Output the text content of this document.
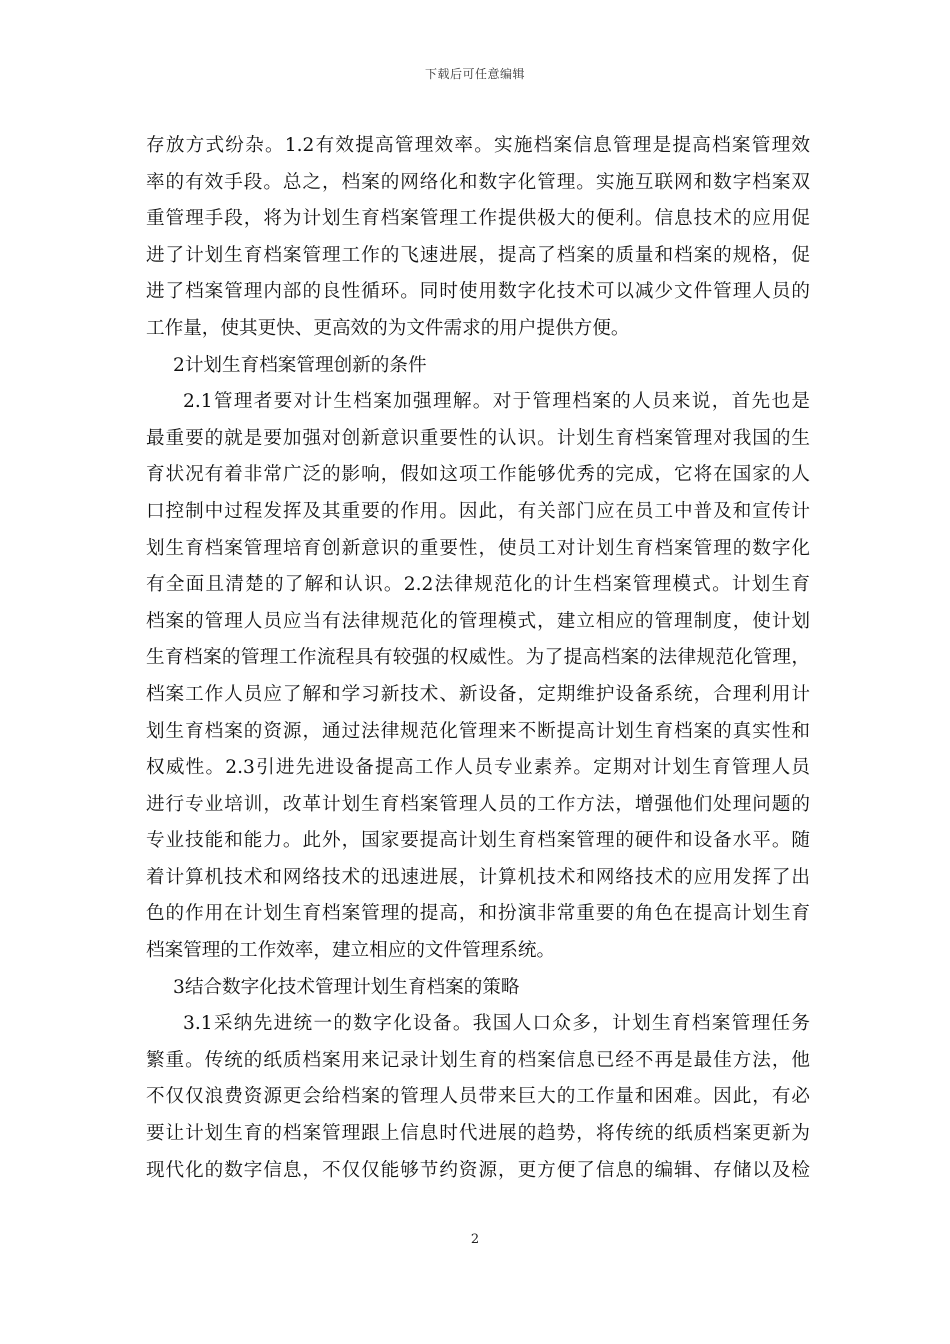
下载后可任意编辑
存放方式纷杂。1.2有效提高管理效率。实施档案信息管理是提高档案管理效
率的有效手段。总之，档案的网络化和数字化管理。实施互联网和数字档案双
重管理手段，将为计划生育档案管理工作提供极大的便利。信息技术的应用促
进了计划生育档案管理工作的飞速进展，提高了档案的质量和档案的规格，促
进了档案管理内部的良性循环。同时使用数字化技术可以减少文件管理人员的
工作量，使其更快、更高效的为文件需求的用户提供方便。
2计划生育档案管理创新的条件
2.1管理者要对计生档案加强理解。对于管理档案的人员来说，首先也是
最重要的就是要加强对创新意识重要性的认识。计划生育档案管理对我国的生
育状况有着非常广泛的影响，假如这项工作能够优秀的完成，它将在国家的人
口控制中过程发挥及其重要的作用。因此，有关部门应在员工中普及和宣传计
划生育档案管理培育创新意识的重要性，使员工对计划生育档案管理的数字化
有全面且清楚的了解和认识。2.2法律规范化的计生档案管理模式。计划生育
档案的管理人员应当有法律规范化的管理模式，建立相应的管理制度，使计划
生育档案的管理工作流程具有较强的权威性。为了提高档案的法律规范化管理，
档案工作人员应了解和学习新技术、新设备，定期维护设备系统，合理利用计
划生育档案的资源，通过法律规范化管理来不断提高计划生育档案的真实性和
权威性。2.3引进先进设备提高工作人员专业素养。定期对计划生育管理人员
进行专业培训，改革计划生育档案管理人员的工作方法，增强他们处理问题的
专业技能和能力。此外，国家要提高计划生育档案管理的硬件和设备水平。随
着计算机技术和网络技术的迅速进展，计算机技术和网络技术的应用发挥了出
色的作用在计划生育档案管理的提高，和扮演非常重要的角色在提高计划生育
档案管理的工作效率，建立相应的文件管理系统。
3结合数字化技术管理计划生育档案的策略
3.1采纳先进统一的数字化设备。我国人口众多，计划生育档案管理任务
繁重。传统的纸质档案用来记录计划生育的档案信息已经不再是最佳方法，他
不仅仅浪费资源更会给档案的管理人员带来巨大的工作量和困难。因此，有必
要让计划生育的档案管理跟上信息时代进展的趋势，将传统的纸质档案更新为
现代化的数字信息，不仅仅能够节约资源，更方便了信息的编辑、存储以及检
2
